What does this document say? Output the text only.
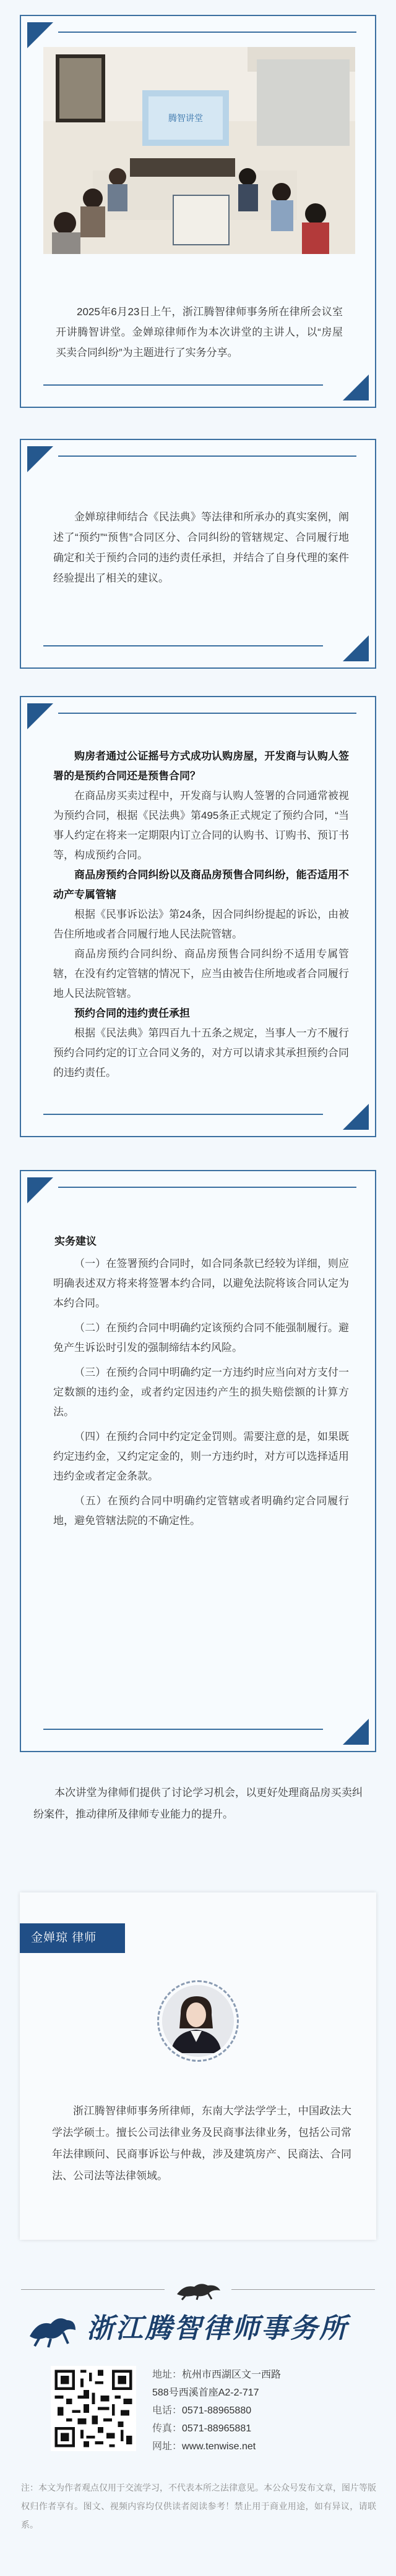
腾智讲堂

2025年6月23日上午，浙江腾智律师事务所在律所会议室开讲腾智讲堂。金婵琼律师作为本次讲堂的主讲人，以“房屋买卖合同纠纷”为主题进行了实务分享。

金婵琼律师结合《民法典》等法律和所承办的真实案例，阐述了“预约”“预售”合同区分、合同纠纷的管辖规定、合同履行地确定和关于预约合同的违约责任承担，并结合了自身代理的案件经验提出了相关的建议。

购房者通过公证摇号方式成功认购房屋，开发商与认购人签署的是预约合同还是预售合同？

在商品房买卖过程中，开发商与认购人签署的合同通常被视为预约合同，根据《民法典》第495条正式规定了预约合同，“当事人约定在将来一定期限内订立合同的认购书、订购书、预订书等，构成预约合同。

商品房预约合同纠纷以及商品房预售合同纠纷，能否适用不动产专属管辖

根据《民事诉讼法》第24条，因合同纠纷提起的诉讼，由被告住所地或者合同履行地人民法院管辖。

商品房预约合同纠纷、商品房预售合同纠纷不适用专属管辖，在没有约定管辖的情况下，应当由被告住所地或者合同履行地人民法院管辖。

预约合同的违约责任承担

根据《民法典》第四百九十五条之规定，当事人一方不履行预约合同约定的订立合同义务的，对方可以请求其承担预约合同的违约责任。

实务建议

（一）在签署预约合同时，如合同条款已经较为详细，则应明确表述双方将来将签署本约合同，以避免法院将该合同认定为本约合同。

（二）在预约合同中明确约定该预约合同不能强制履行。避免产生诉讼时引发的强制缔结本约风险。

（三）在预约合同中明确约定一方违约时应当向对方支付一定数额的违约金，或者约定因违约产生的损失赔偿额的计算方法。

（四）在预约合同中约定定金罚则。需要注意的是，如果既约定违约金，又约定定金的，则一方违约时，对方可以选择适用违约金或者定金条款。

（五）在预约合同中明确约定管辖或者明确约定合同履行地，避免管辖法院的不确定性。

本次讲堂为律师们提供了讨论学习机会，以更好处理商品房买卖纠纷案件，推动律所及律师专业能力的提升。

金婵琼 律师

浙江腾智律师事务所律师，东南大学法学学士，中国政法大学法学硕士。擅长公司法律业务及民商事法律业务，包括公司常年法律顾问、民商事诉讼与仲裁，涉及建筑房产、民商法、合同法、公司法等法律领域。

浙江腾智律师事务所
地址：杭州市西湖区文一西路
588号西溪首座A2-2-717
电话：0571-88965880
传真：0571-88965881
网址：www.tenwise.net

注：本文为作者观点仅用于交流学习，不代表本所之法律意见。本公众号发布文章，图片等版权归作者享有。图文、视频内容均仅供读者阅读参考！禁止用于商业用途，如有异议，请联系。
